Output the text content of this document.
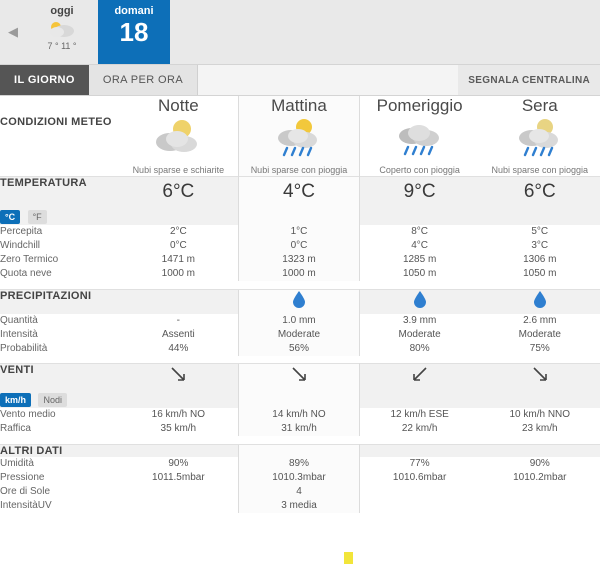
◀
oggi
7 ° 11 °
domani
18
IL GIORNO	ORA PER ORA	SEGNALA CENTRALINA
	Notte	Mattina	Pomeriggio	Sera
CONDIZIONI METEO				
	Nubi sparse e schiarite	Nubi sparse con pioggia	Coperto con pioggia	Nubi sparse con pioggia
TEMPERATURA	6°C	4°C	9°C	6°C
°C °F				
Percepita	2°C	1°C	8°C	5°C
Windchill	0°C	0°C	4°C	3°C
Zero Termico	1471 m	1323 m	1285 m	1306 m
Quota neve	1000 m	1000 m	1050 m	1050 m

PRECIPITAZIONI				
Quantità	-	1.0 mm	3.9 mm	2.6 mm
Intensità	Assenti	Moderate	Moderate	Moderate
Probabilità	44%	56%	80%	75%

VENTI				
km/h Nodi				
Vento medio	16 km/h NO	14 km/h NO	12 km/h ESE	10 km/h NNO
Raffica	35 km/h	31 km/h	22 km/h	23 km/h

ALTRI DATI				
Umidità	90%	89%	77%	90%
Pressione	1011.5mbar	1010.3mbar	1010.6mbar	1010.2mbar
Ore di Sole		4		
IntensitàUV		3 media		
